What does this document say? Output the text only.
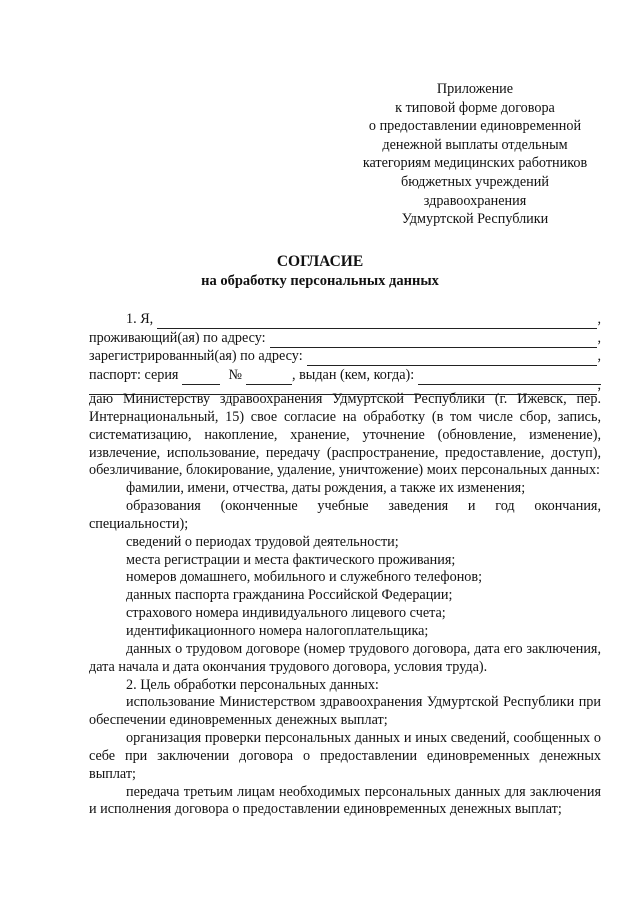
Приложение
к типовой форме договора
о предоставлении единовременной
денежной выплаты отдельным
категориям медицинских работников
бюджетных учреждений
здравоохранения
Удмуртской Республики
СОГЛАСИЕ
на обработку персональных данных
1. Я,	,
проживающий(ая) по адресу:	,
зарегистрированный(ая) по адресу:	,
паспорт: серия	№	, выдан (кем, когда):
,

даю Министерству здравоохранения Удмуртской Республики (г. Ижевск, пер. Интернациональный, 15) свое согласие на обработку (в том числе сбор, запись, систематизацию, накопление, хранение, уточнение (обновление, изменение), извлечение, использование, передачу (распространение, предоставление, доступ), обезличивание, блокирование, удаление, уничтожение) моих персональных данных:

фамилии, имени, отчества, даты рождения, а также их изменения;

образования (оконченные учебные заведения и год окончания, специальности);

сведений о периодах трудовой деятельности;

места регистрации и места фактического проживания;

номеров домашнего, мобильного и служебного телефонов;

данных паспорта гражданина Российской Федерации;

страхового номера индивидуального лицевого счета;

идентификационного номера налогоплательщика;

данных о трудовом договоре (номер трудового договора, дата его заключения, дата начала и дата окончания трудового договора, условия труда).

2. Цель обработки персональных данных:

использование Министерством здравоохранения Удмуртской Республики при обеспечении единовременных денежных выплат;

организация проверки персональных данных и иных сведений, сообщенных о себе при заключении договора о предоставлении единовременных денежных выплат;

передача третьим лицам необходимых персональных данных для заключения и исполнения договора о предоставлении единовременных денежных выплат;
